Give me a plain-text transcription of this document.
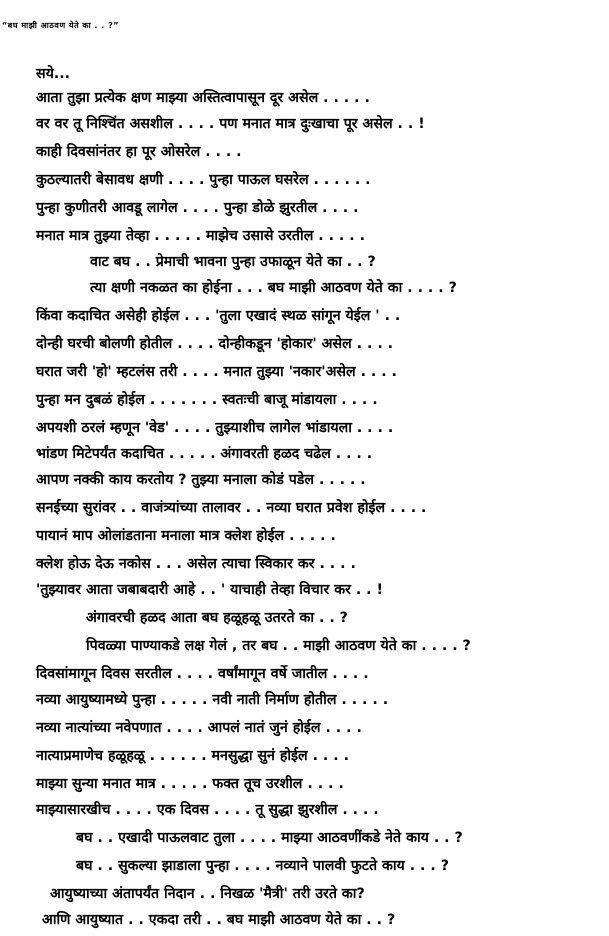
“बघ माझी आठवण येते का . . ?”
सये...
आता तुझा प्रत्येक क्षण माझ्या अस्तित्वापासून दूर असेल . . . . .
वर वर तू निश्चिंत असशील . . . . पण मनात मात्र दुःखाचा पूर असेल . . !
काही दिवसांनंतर हा पूर ओसरेल . . . .
कुठल्यातरी बेसावध क्षणी . . . . पुन्हा पाऊल घसरेल . . . . . .
पुन्हा कुणीतरी आवडू लागेल . . . . पुन्हा डोळे झुरतील . . . .
मनात मात्र तुझ्या तेव्हा . . . . . माझेच उसासे उरतील . . . . .
वाट बघ . . प्रेमाची भावना पुन्हा उफाळून येते का . . ?
त्या क्षणी नकळत का होईना . . . बघ माझी आठवण येते का . . . . ?
किंवा कदाचित असेही होईल . . . 'तुला एखादं स्थळ सांगून येईल ' . .
दोन्ही घरची बोलणी होतील . . . . दोन्हीकडून 'होकार' असेल . . . .
घरात जरी 'हो' म्हटलंस तरी . . . . मनात तुझ्या 'नकार'असेल . . . .
पुन्हा मन दुबळं होईल . . . . . . . स्वतःची बाजू मांडायला . . . .
अपयशी ठरलं म्हणून 'वेड' . . . . तुझ्याशीच लागेल भांडायला . . . .
भांडण मिटेपर्यंत कदाचित . . . . . अंगावरती हळद चढेल . . . .
आपण नक्की काय करतोय ? तुझ्या मनाला कोडं पडेल . . . . .
सनईच्या सुरांवर . . वाजंत्र्यांच्या तालावर . . नव्या घरात प्रवेश होईल . . . .
पायानं माप ओलांडताना मनाला मात्र क्लेश होईल . . . . .
क्लेश होऊ देऊ नकोस . . . असेल त्याचा स्विकार कर . . . .
'तुझ्यावर आता जबाबदारी आहे . . ' याचाही तेव्हा विचार कर . . !
अंगावरची हळद आता बघ हळूहळू उतरते का . . ?
पिवळ्या पाण्याकडे लक्ष गेलं , तर बघ . . माझी आठवण येते का . . . . ?
दिवसांमागून दिवस सरतील . . . . वर्षांमागून वर्षे जातील . . . .
नव्या आयुष्यामध्ये पुन्हा . . . . . नवी नाती निर्माण होतील . . . . .
नव्या नात्यांच्या नवेपणात . . . . आपलं नातं जुनं होईल . . . .
नात्याप्रमाणेच हळूहळू . . . . . . मनसुद्धा सुनं होईल . . . .
माझ्या सुन्या मनात मात्र . . . . . फक्त तूच उरशील . . . .
माझ्यासारखीच . . . . एक दिवस . . . . तू सुद्धा झुरशील . . . .
बघ . . एखादी पाऊलवाट तुला . . . . माझ्या आठवणींकडे नेते काय . . ?
बघ . . सुकल्या झाडाला पुन्हा . . . . नव्याने पालवी फुटते काय . . . ?
आयुष्याच्या अंतापर्यंत निदान . . निखळ 'मैत्री' तरी उरते का?
आणि आयुष्यात . . एकदा तरी . . बघ माझी आठवण येते का . . ?
